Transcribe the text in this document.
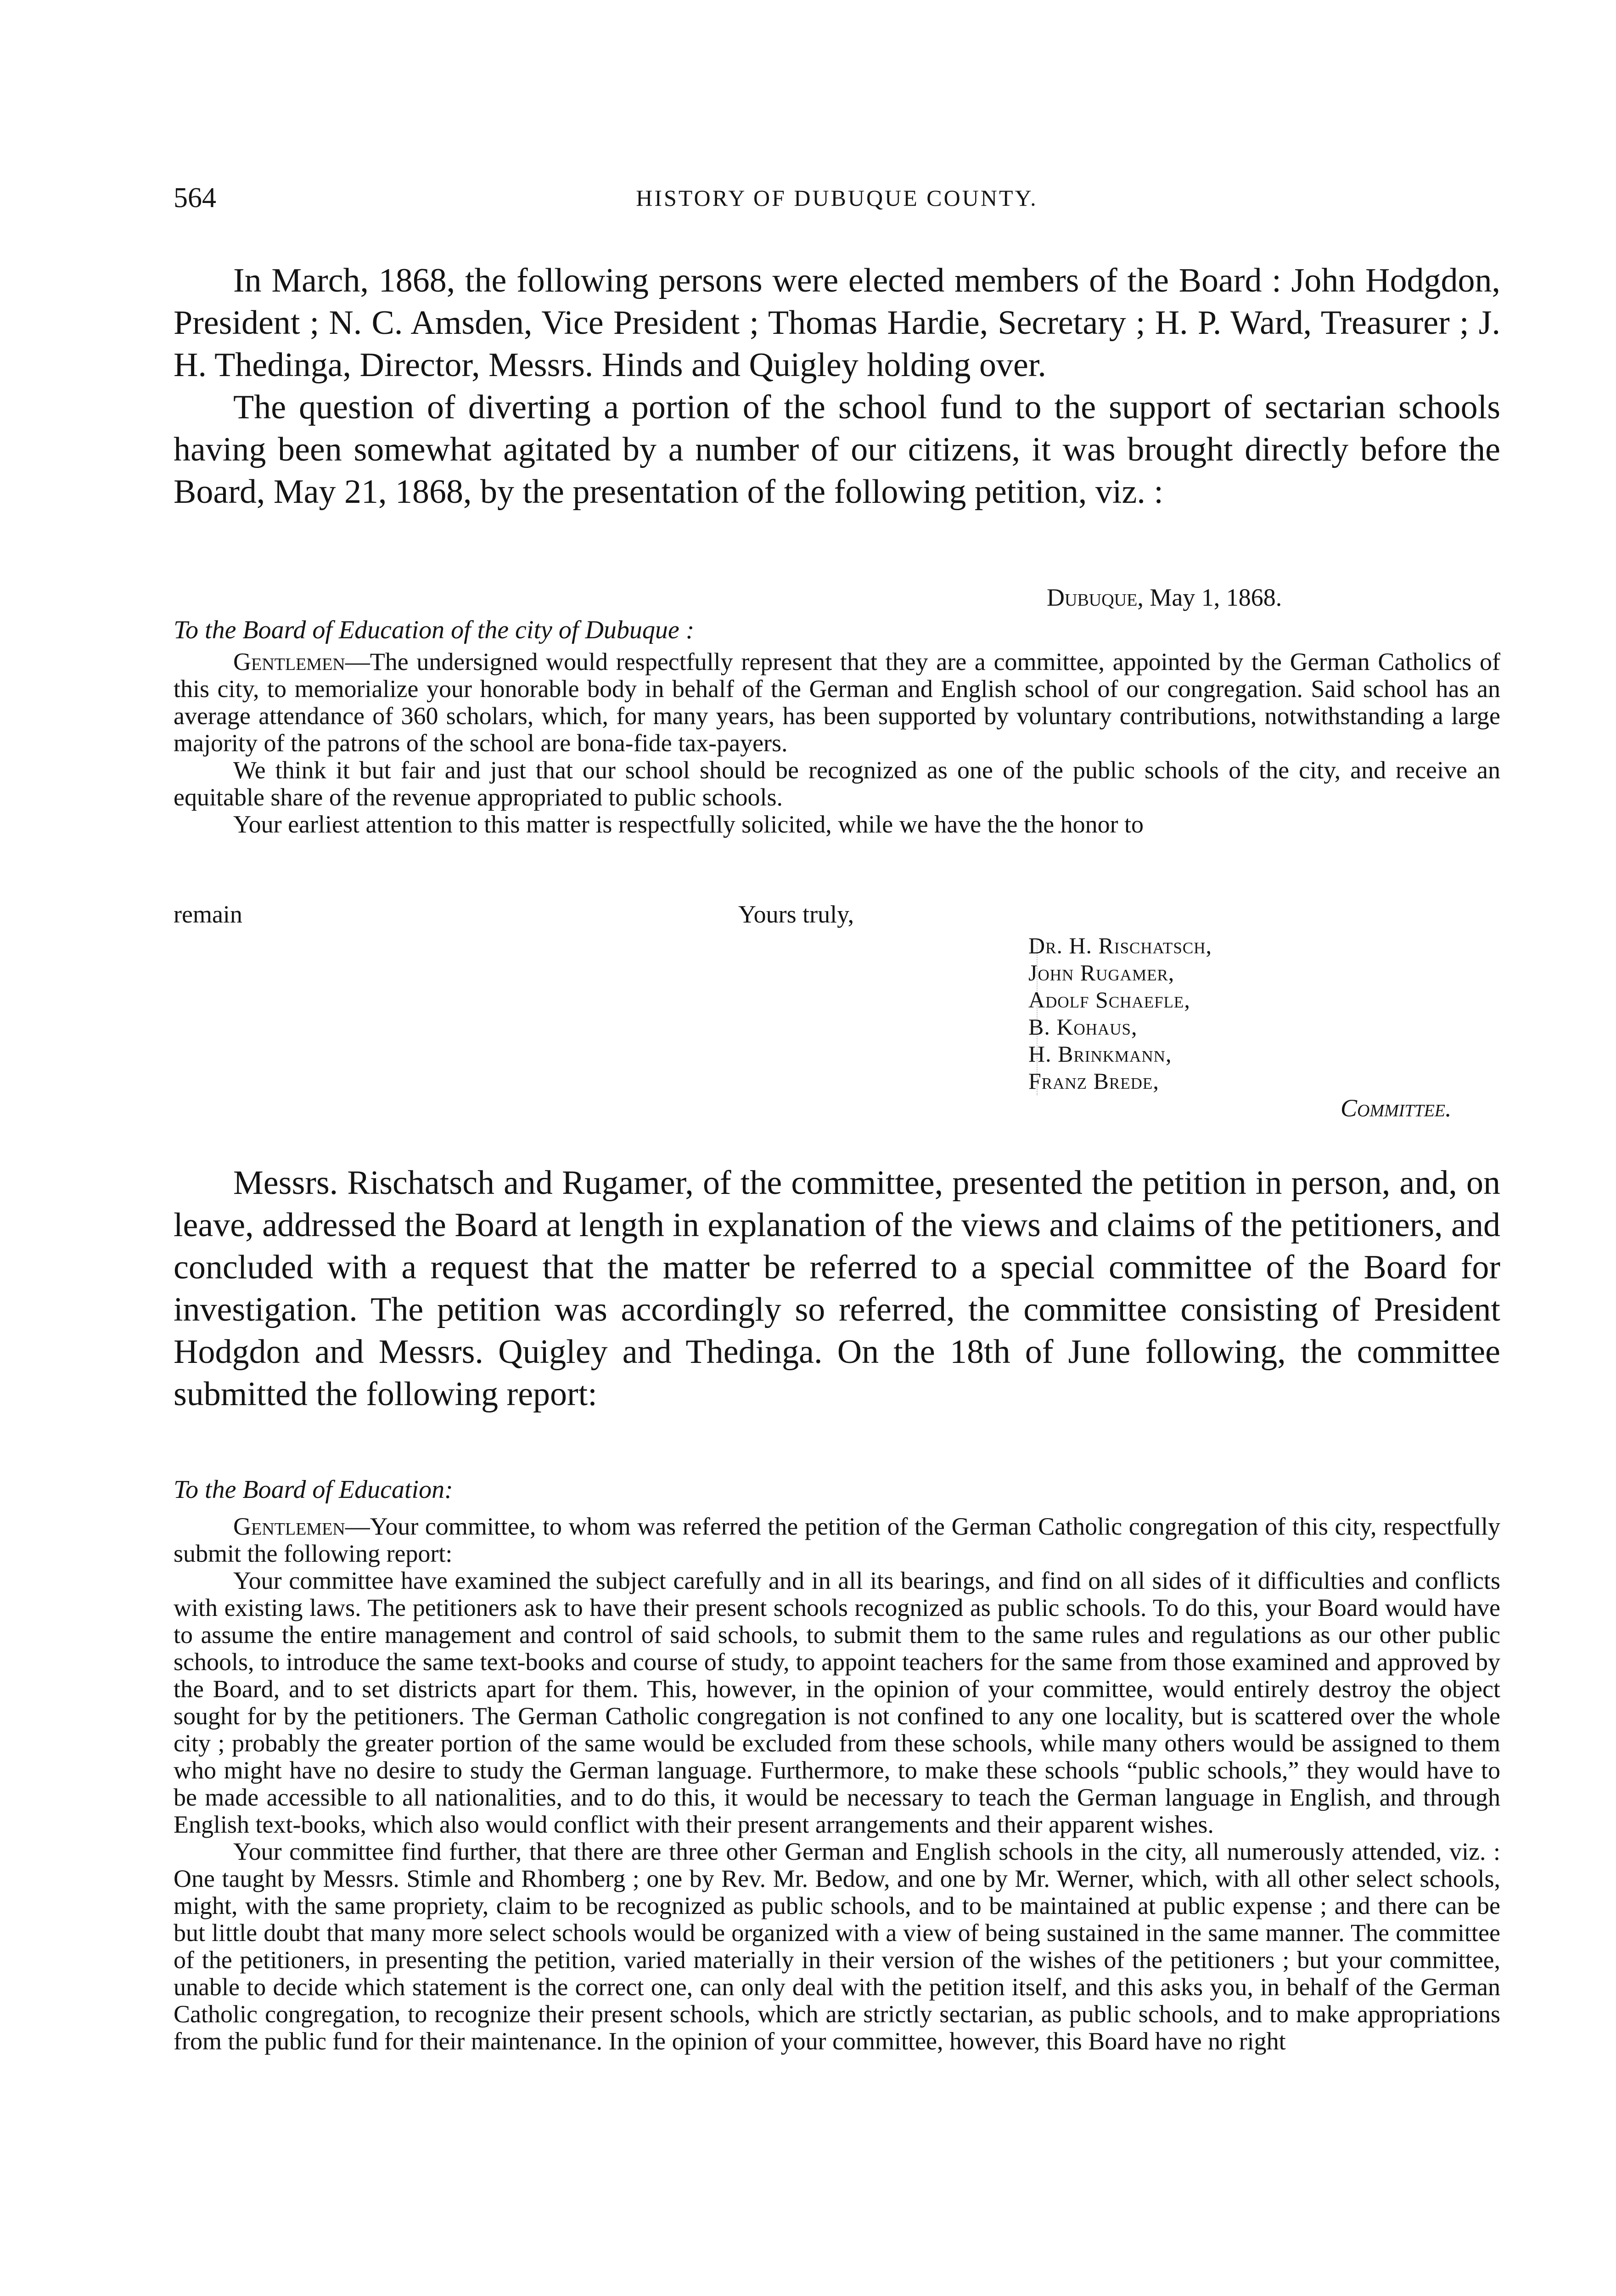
564	HISTORY OF DUBUQUE COUNTY.

In March, 1868, the following persons were elected members of the Board : John Hodgdon, President ; N. C. Amsden, Vice President ; Thomas Hardie, Secretary ; H. P. Ward, Treasurer ; J. H. Thedinga, Director, Messrs. Hinds and Quigley holding over.

The question of diverting a portion of the school fund to the support of sectarian schools having been somewhat agitated by a number of our citizens, it was brought directly before the Board, May 21, 1868, by the presentation of the following petition, viz. :

Dubuque, May 1, 1868.
To the Board of Education of the city of Dubuque :

Gentlemen—The undersigned would respectfully represent that they are a committee, appointed by the German Catholics of this city, to memorialize your honorable body in behalf of the German and English school of our congregation. Said school has an average attendance of 360 scholars, which, for many years, has been supported by voluntary contributions, notwithstanding a large majority of the patrons of the school are bona-fide tax-payers.

We think it but fair and just that our school should be recognized as one of the public schools of the city, and receive an equitable share of the revenue appropriated to public schools.

Your earliest attention to this matter is respectfully solicited, while we have the the honor to

remain	Yours truly,
Dr. H. Rischatsch,
John Rugamer,
Adolf Schaefle,
B. Kohaus,
H. Brinkmann,
Franz Brede,
Committee.

Messrs. Rischatsch and Rugamer, of the committee, presented the petition in person, and, on leave, addressed the Board at length in explanation of the views and claims of the petitioners, and concluded with a request that the matter be referred to a special committee of the Board for investigation. The petition was accordingly so referred, the committee consisting of President Hodgdon and Messrs. Quigley and Thedinga. On the 18th of June following, the committee submitted the following report:

To the Board of Education:

Gentlemen—Your committee, to whom was referred the petition of the German Catholic congregation of this city, respectfully submit the following report:

Your committee have examined the subject carefully and in all its bearings, and find on all sides of it difficulties and conflicts with existing laws. The petitioners ask to have their present schools recognized as public schools. To do this, your Board would have to assume the entire management and control of said schools, to submit them to the same rules and regulations as our other public schools, to introduce the same text-books and course of study, to appoint teachers for the same from those examined and approved by the Board, and to set districts apart for them. This, however, in the opinion of your committee, would entirely destroy the object sought for by the petitioners. The German Catholic congregation is not confined to any one locality, but is scattered over the whole city ; probably the greater portion of the same would be excluded from these schools, while many others would be assigned to them who might have no desire to study the German language. Furthermore, to make these schools “public schools,” they would have to be made accessible to all nationalities, and to do this, it would be necessary to teach the German language in English, and through English text-books, which also would conflict with their present arrangements and their apparent wishes.

Your committee find further, that there are three other German and English schools in the city, all numerously attended, viz. : One taught by Messrs. Stimle and Rhomberg ; one by Rev. Mr. Bedow, and one by Mr. Werner, which, with all other select schools, might, with the same propriety, claim to be recognized as public schools, and to be maintained at public expense ; and there can be but little doubt that many more select schools would be organized with a view of being sustained in the same manner. The committee of the petitioners, in presenting the petition, varied materially in their version of the wishes of the petitioners ; but your committee, unable to decide which statement is the correct one, can only deal with the petition itself, and this asks you, in behalf of the German Catholic congregation, to recognize their present schools, which are strictly sectarian, as public schools, and to make appropriations from the public fund for their maintenance. In the opinion of your committee, however, this Board have no right
